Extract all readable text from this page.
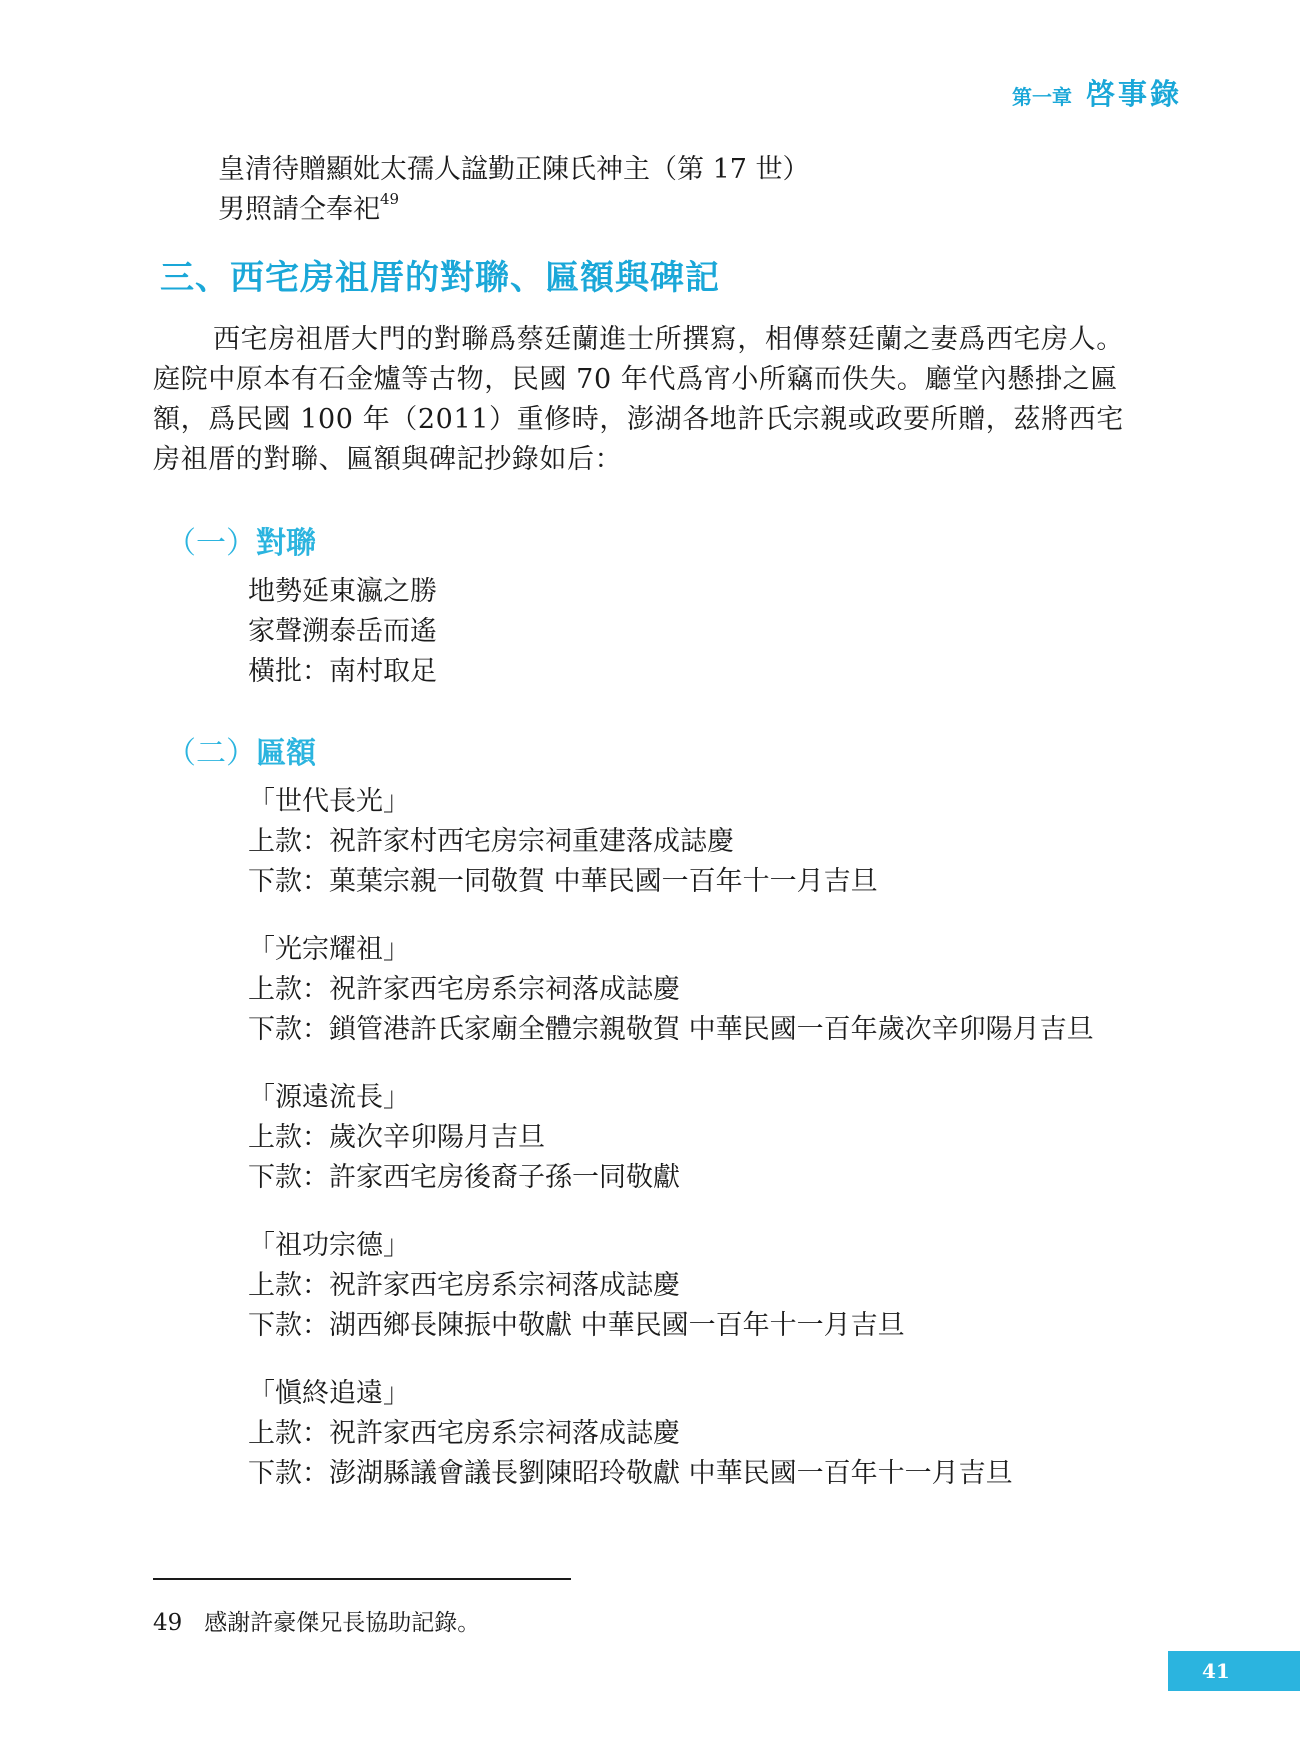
第一章 啓事錄
皇清待贈顯妣太孺人諡勤正陳氏神主（第 17 世）
男照請仝奉祀$^{49}$
三、西宅房祖厝的對聯、匾額與碑記
西宅房祖厝大門的對聯爲蔡廷蘭進士所撰寫，相傳蔡廷蘭之妻爲西宅房人。
庭院中原本有石金爐等古物，民國 70 年代爲宵小所竊而佚失。廳堂內懸掛之匾
額，爲民國 100 年（2011）重修時，澎湖各地許氏宗親或政要所贈，茲將西宅
房祖厝的對聯、匾額與碑記抄錄如后：
（一）對聯
地勢延東瀛之勝
家聲溯泰岳而遙
橫批：南村取足
（二）匾額
「世代長光」
上款：祝許家村西宅房宗祠重建落成誌慶
下款：菓葉宗親一同敬賀 中華民國一百年十一月吉旦
「光宗耀祖」
上款：祝許家西宅房系宗祠落成誌慶
下款：鎖管港許氏家廟全體宗親敬賀 中華民國一百年歲次辛卯陽月吉旦
「源遠流長」
上款：歲次辛卯陽月吉旦
下款：許家西宅房後裔子孫一同敬獻
「祖功宗德」
上款：祝許家西宅房系宗祠落成誌慶
下款：湖西鄉長陳振中敬獻 中華民國一百年十一月吉旦
「愼終追遠」
上款：祝許家西宅房系宗祠落成誌慶
下款：澎湖縣議會議長劉陳昭玲敬獻 中華民國一百年十一月吉旦
49 感謝許豪傑兄長協助記錄。
41
